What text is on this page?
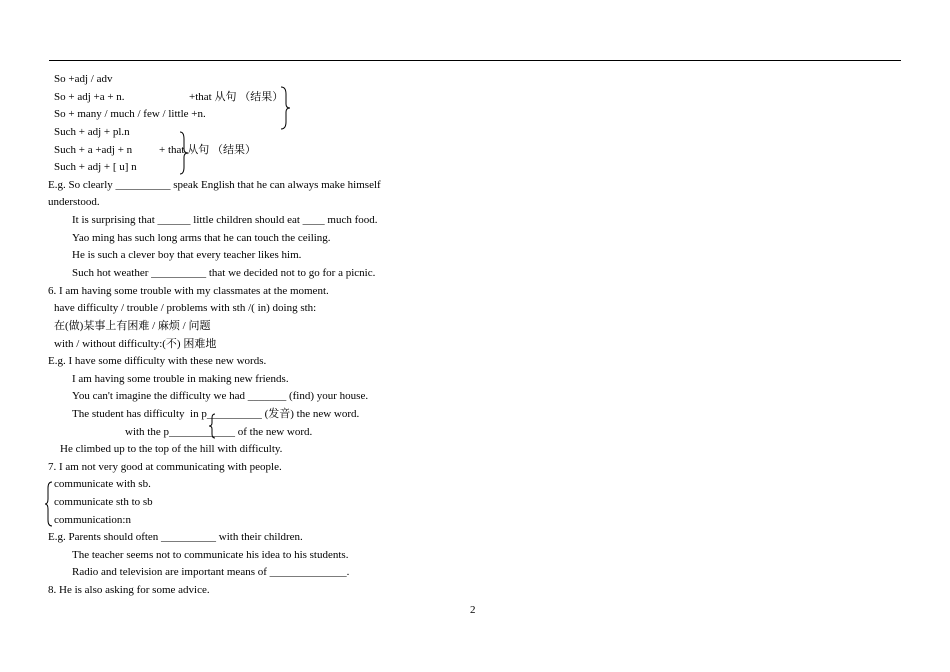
So +adj / adv
So + adj +a + n.	+that 从句 （结果）
So + many / much / few / little +n.
Such + adj + pl.n
Such + a +adj + n + that 从句 （结果）
Such + adj + [ u] n
E.g. So clearly __________ speak English that he can always make himself
understood.
It is surprising that ______ little children should eat ____ much food.
Yao ming has such long arms that he can touch the ceiling.
He is such a clever boy that every teacher likes him.
Such hot weather __________ that we decided not to go for a picnic.
6. I am having some trouble with my classmates at the moment.
have difficulty / trouble / problems with sth /( in) doing sth:
在(做)某事上有困难 / 麻烦 / 问题
with / without difficulty:(不) 困难地
E.g. I have some difficulty with these new words.
I am having some trouble in making new friends.
You can't imagine the difficulty we had _______ (find) your house.
The student has difficulty  in p__________ (发音) the new word.
with the p____________ of the new word.
He climbed up to the top of the hill with difficulty.
7. I am not very good at communicating with people.
communicate with sb.
communicate sth to sb
communication:n
E.g. Parents should often __________ with their children.
The teacher seems not to communicate his idea to his students.
Radio and television are important means of ______________.
8. He is also asking for some advice.
2
